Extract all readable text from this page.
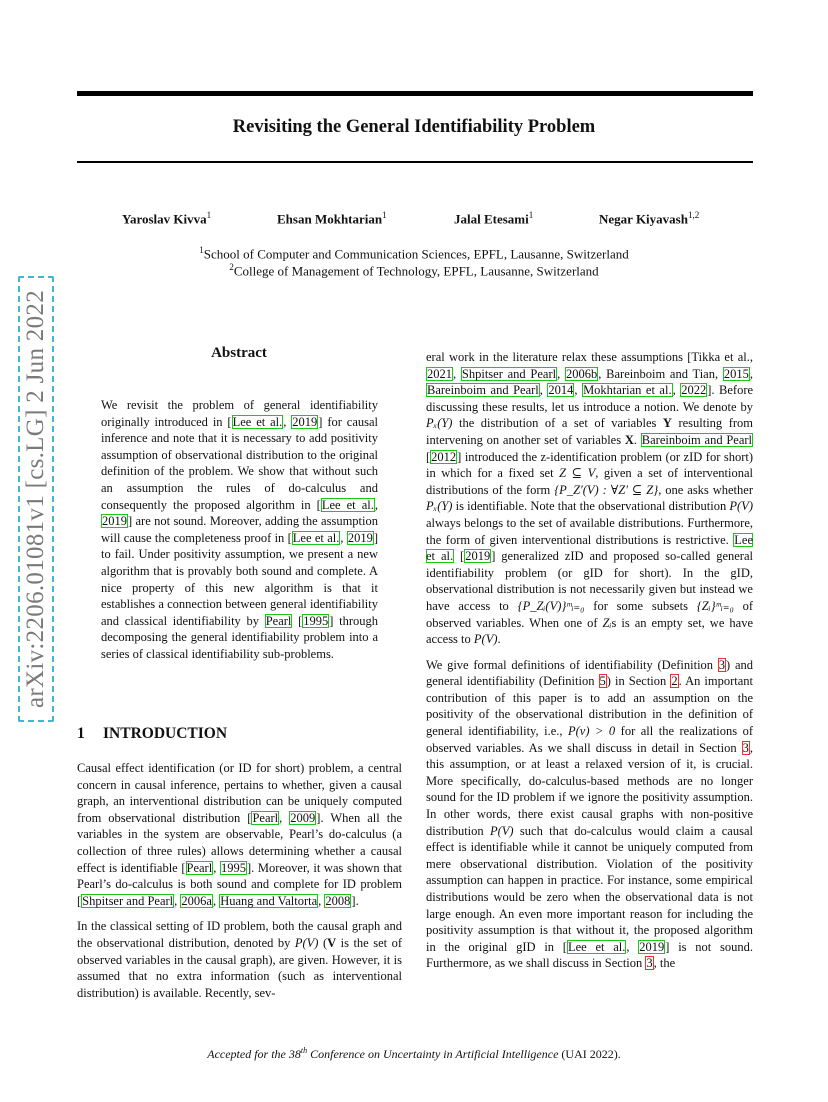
Revisiting the General Identifiability Problem
Yaroslav Kivva$^1$	Ehsan Mokhtarian$^1$	Jalal Etesami$^1$	Negar Kiyavash$^{1,2}$
$^1$School of Computer and Communication Sciences, EPFL, Lausanne, Switzerland
$^2$College of Management of Technology, EPFL, Lausanne, Switzerland
arXiv:2206.01081v1 [cs.LG] 2 Jun 2022	Abstract
We revisit the problem of general identifiability originally introduced in [Lee et al., 2019] for causal inference and note that it is necessary to add positivity assumption of observational distribution to the original definition of the problem. We show that without such an assumption the rules of do-calculus and consequently the proposed algorithm in [Lee et al., 2019] are not sound. Moreover, adding the assumption will cause the completeness proof in [Lee et al., 2019] to fail. Under positivity assumption, we present a new algorithm that is provably both sound and complete. A nice property of this new algorithm is that it establishes a connection between general identifiability and classical identifiability by Pearl [1995] through decomposing the general identifiability problem into a series of classical identifiability sub-problems.
1 INTRODUCTION

Causal effect identification (or ID for short) problem, a central concern in causal inference, pertains to whether, given a causal graph, an interventional distribution can be uniquely computed from observational distribution [Pearl, 2009]. When all the variables in the system are observable, Pearl’s do-calculus (a collection of three rules) allows determining whether a causal effect is identifiable [Pearl, 1995]. Moreover, it was shown that Pearl’s do-calculus is both sound and complete for ID problem [Shpitser and Pearl, 2006a, Huang and Valtorta, 2008].

In the classical setting of ID problem, both the causal graph and the observational distribution, denoted by P(V) (V is the set of observed variables in the causal graph), are given. However, it is assumed that no extra information (such as interventional distribution) is available. Recently, sev-

eral work in the literature relax these assumptions [Tikka et al., 2021, Shpitser and Pearl, 2006b, Bareinboim and Tian, 2015, Bareinboim and Pearl, 2014, Mokhtarian et al., 2022]. Before discussing these results, let us introduce a notion. We denote by Pₓ(Y) the distribution of a set of variables Y resulting from intervening on another set of variables X. Bareinboim and Pearl [2012] introduced the z-identification problem (or zID for short) in which for a fixed set Z ⊆ V, given a set of interventional distributions of the form {P_Z′(V) : ∀Z′ ⊆ Z}, one asks whether Pₓ(Y) is identifiable. Note that the observational distribution P(V) always belongs to the set of available distributions. Furthermore, the form of given interventional distributions is restrictive. Lee et al. [2019] generalized zID and proposed so-called general identifiability problem (or gID for short). In the gID, observational distribution is not necessarily given but instead we have access to {P_Zᵢ(V)}ᵐᵢ₌₀ for some subsets {Zᵢ}ᵐᵢ₌₀ of observed variables. When one of Zᵢs is an empty set, we have access to P(V).

We give formal definitions of identifiability (Definition 3) and general identifiability (Definition 5) in Section 2. An important contribution of this paper is to add an assumption on the positivity of the observational distribution in the definition of general identifiability, i.e., P(v) > 0 for all the realizations of observed variables. As we shall discuss in detail in Section 3, this assumption, or at least a relaxed version of it, is crucial. More specifically, do-calculus-based methods are no longer sound for the ID problem if we ignore the positivity assumption. In other words, there exist causal graphs with non-positive distribution P(V) such that do-calculus would claim a causal effect is identifiable while it cannot be uniquely computed from mere observational distribution. Violation of the positivity assumption can happen in practice. For instance, some empirical distributions would be zero when the observational data is not large enough. An even more important reason for including the positivity assumption is that without it, the proposed algorithm in the original gID in [Lee et al., 2019] is not sound. Furthermore, as we shall discuss in Section 3, the

Accepted for the 38th Conference on Uncertainty in Artificial Intelligence (UAI 2022).
